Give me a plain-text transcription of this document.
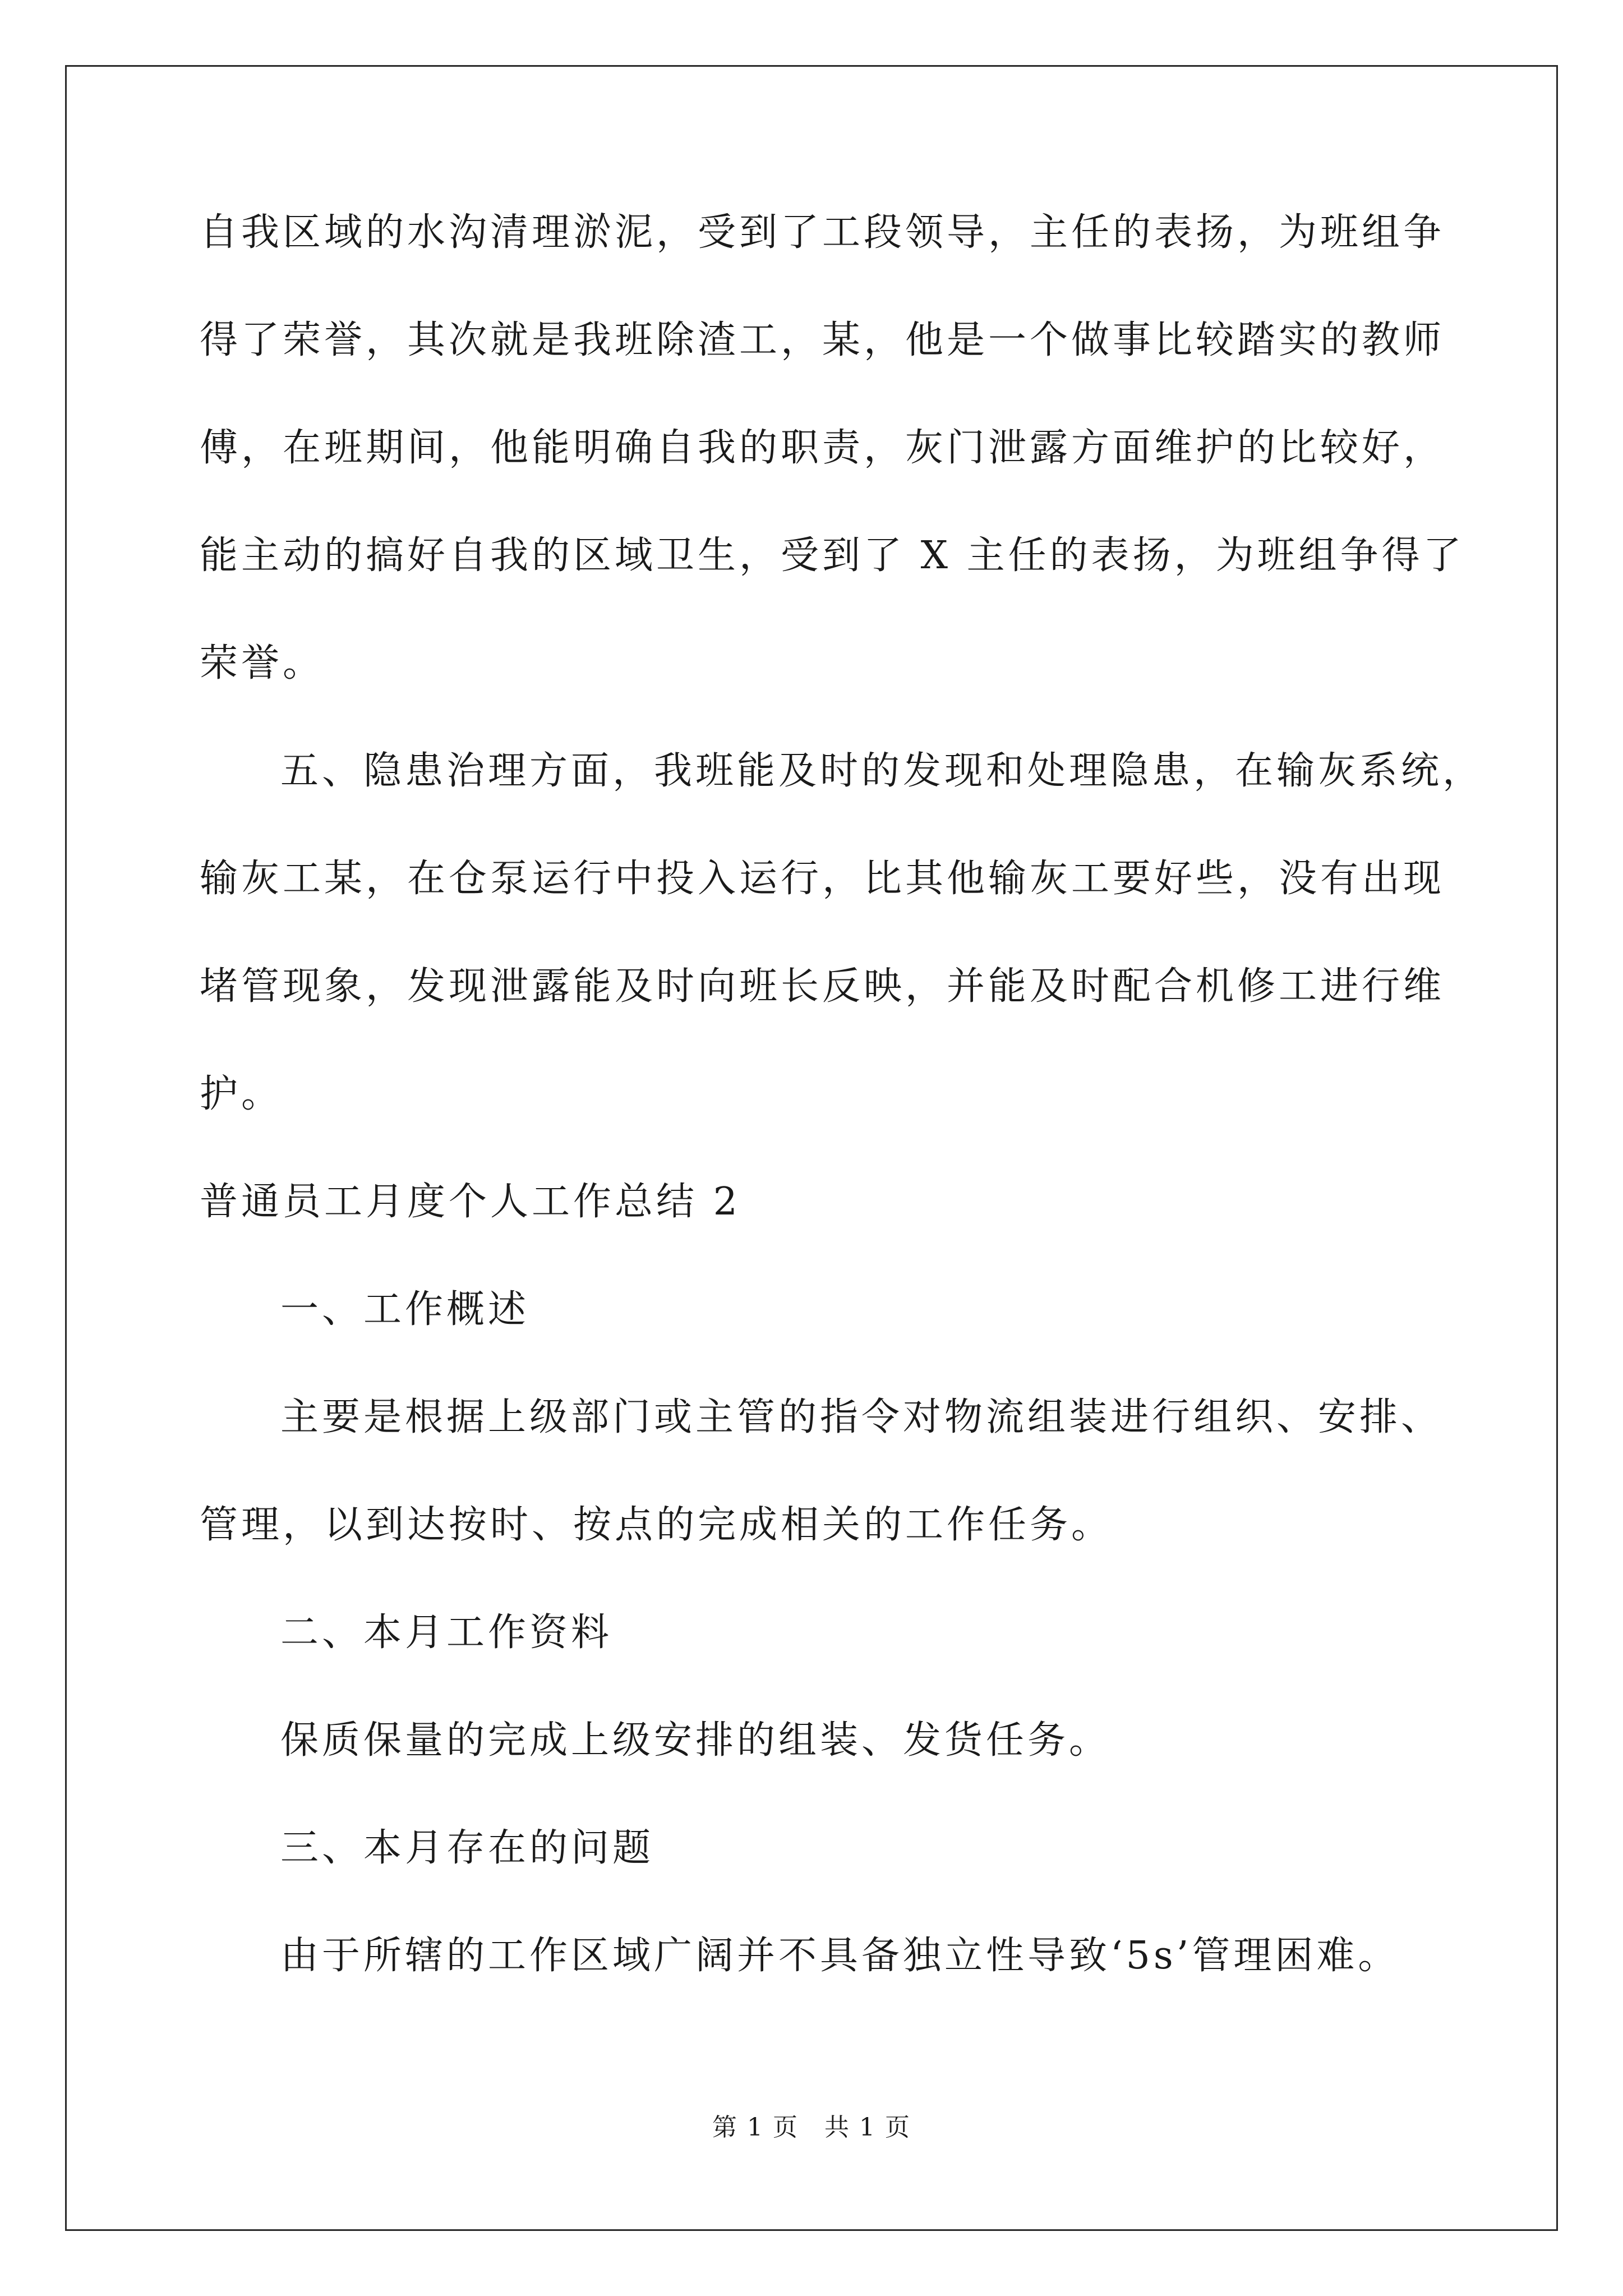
自我区域的水沟清理淤泥，受到了工段领导，主任的表扬，为班组争
得了荣誉，其次就是我班除渣工，某，他是一个做事比较踏实的教师
傅，在班期间，他能明确自我的职责，灰门泄露方面维护的比较好，
能主动的搞好自我的区域卫生，受到了 X 主任的表扬，为班组争得了
荣誉。
五、隐患治理方面，我班能及时的发现和处理隐患，在输灰系统，
输灰工某，在仓泵运行中投入运行，比其他输灰工要好些，没有出现
堵管现象，发现泄露能及时向班长反映，并能及时配合机修工进行维
护。
普通员工月度个人工作总结 2
一、工作概述
主要是根据上级部门或主管的指令对物流组装进行组织、安排、
管理，以到达按时、按点的完成相关的工作任务。
二、本月工作资料
保质保量的完成上级安排的组装、发货任务。
三、本月存在的问题
由于所辖的工作区域广阔并不具备独立性导致‘5s’管理困难。
第 1 页　共 1 页
